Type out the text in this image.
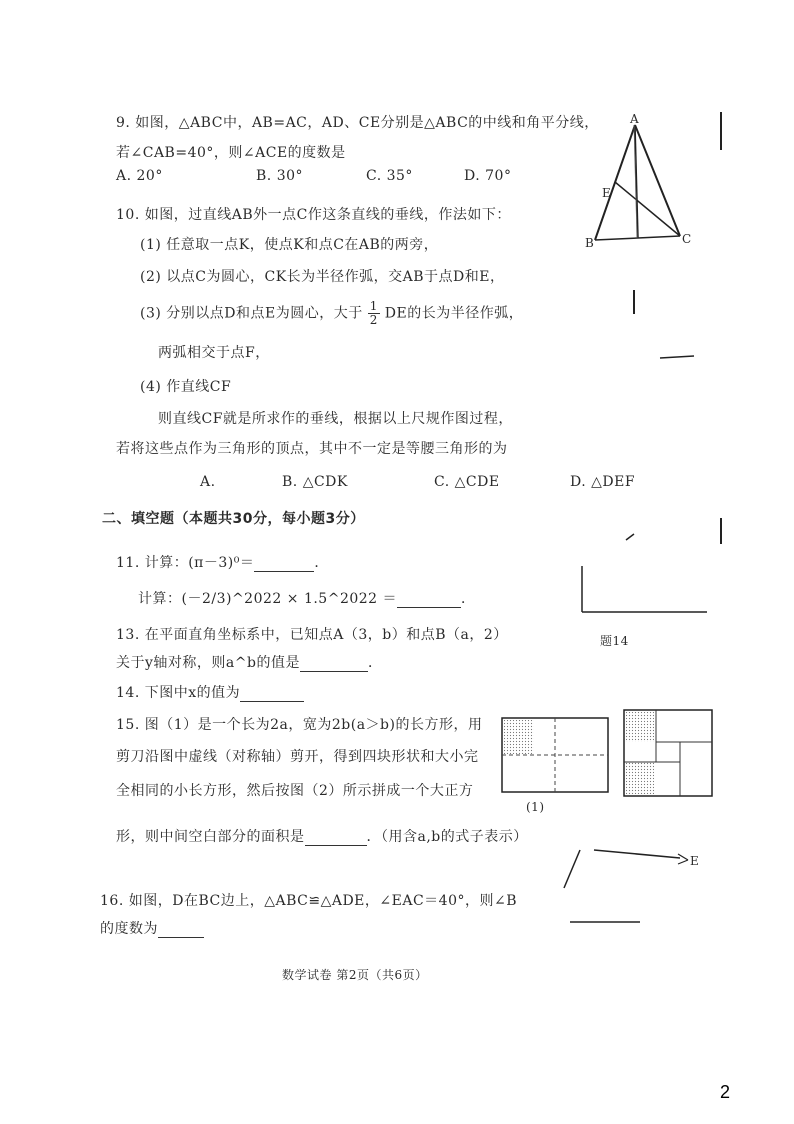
9. 如图，△ABC中，AB=AC，AD、CE分别是△ABC的中线和角平分线，
若∠CAB=40°，则∠ACE的度数是
A. 20°	B. 30°	C. 35°	D. 70°
A
B	C
E
10. 如图，过直线AB外一点C作这条直线的垂线，作法如下：
(1) 任意取一点K，使点K和点C在AB的两旁，
(2) 以点C为圆心，CK长为半径作弧，交AB于点D和E，
(3) 分别以点D和点E为圆心，大于 $\frac{1}{2}$ DE的长为半径作弧，
两弧相交于点F，
(4) 作直线CF
则直线CF就是所求作的垂线，根据以上尺规作图过程，
若将这些点作为三角形的顶点，其中不一定是等腰三角形的为
A.	B. △CDK	C. △CDE	D. △DEF
二、填空题（本题共30分，每小题3分）
11. 计算：(π－3)⁰＝	．
计算：(－2/3)^2022 × 1.5^2022 ＝	．
题14
13. 在平面直角坐标系中，已知点A（3，b）和点B（a，2）
关于y轴对称，则a^b的值是	．
14. 下图中x的值为
15. 图（1）是一个长为2a，宽为2b(a＞b)的长方形，用
剪刀沿图中虚线（对称轴）剪开，得到四块形状和大小完
全相同的小长方形，然后按图（2）所示拼成一个大正方
形，则中间空白部分的面积是	．（用含a,b的式子表示）
(1)
E
16. 如图，D在BC边上，△ABC≌△ADE，∠EAC＝40°，则∠B
的度数为
数学试卷 第2页（共6页）
2
